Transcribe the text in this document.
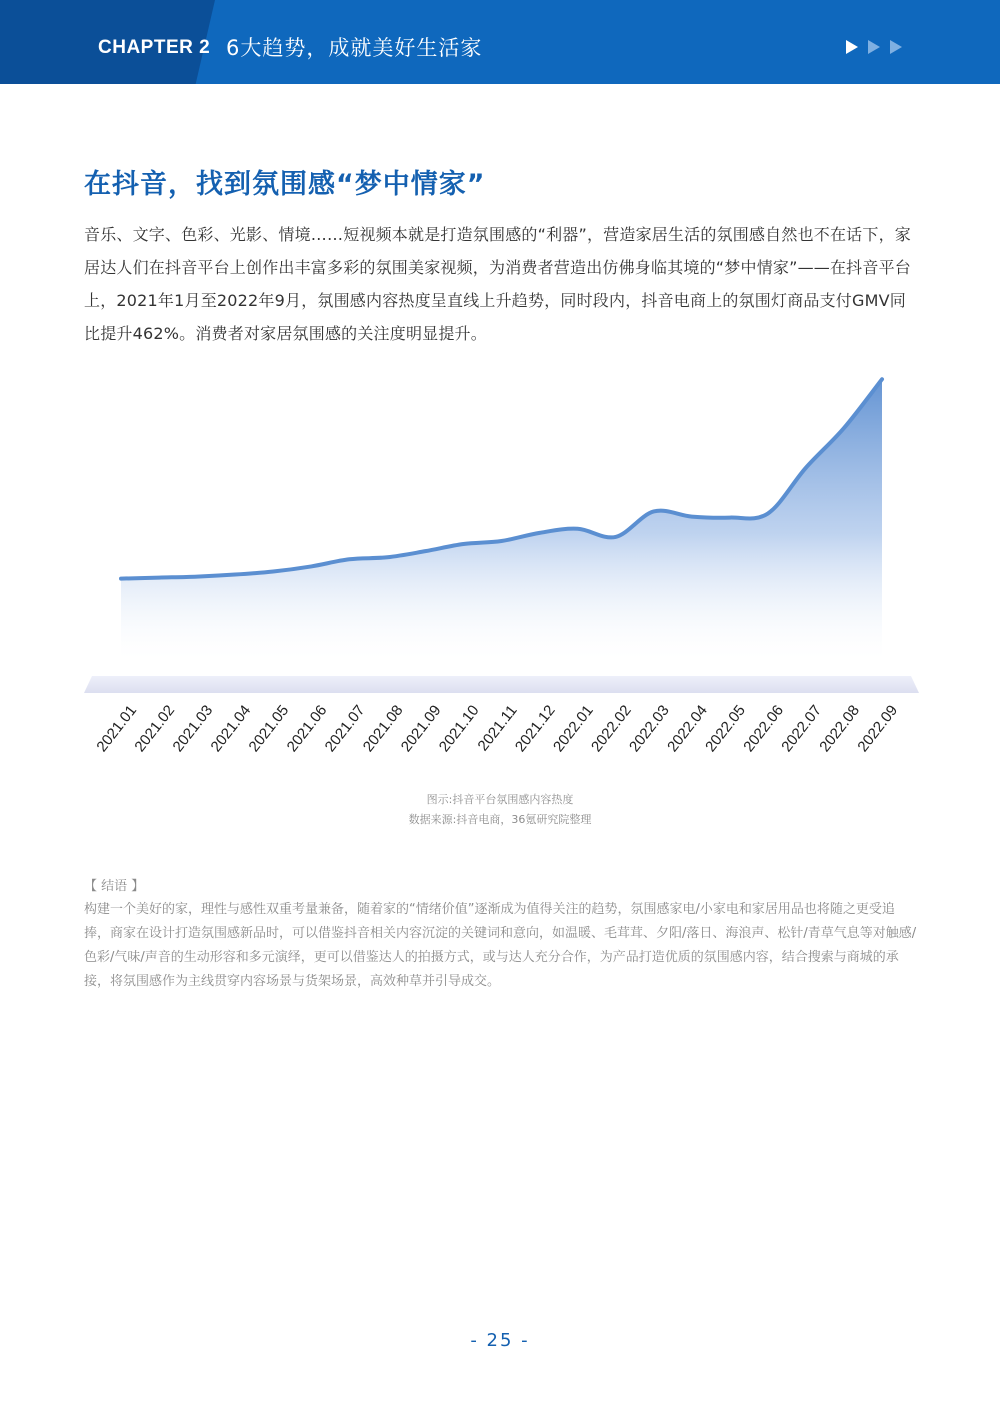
CHAPTER 2 6大趋势，成就美好生活家
在抖音，找到氛围感“梦中情家”

音乐、文字、色彩、光影、情境……短视频本就是打造氛围感的“利器”，营造家居生活的氛围感自然也不在话下，家居达人们在抖音平台上创作出丰富多彩的氛围美家视频，为消费者营造出仿佛身临其境的“梦中情家”——在抖音平台上，2021年1月至2022年9月，氛围感内容热度呈直线上升趋势，同时段内，抖音电商上的氛围灯商品支付GMV同比提升462%。消费者对家居氛围感的关注度明显提升。

2021.01
2021.02
2021.03
2021.04
2021.05
2021.06
2021.07
2021.08
2021.09
2021.10
2021.11
2021.12
2022.01
2022.02
2022.03
2022.04
2022.05
2022.06
2022.07
2022.08
2022.09
图示:抖音平台氛围感内容热度
数据来源:抖音电商，36氪研究院整理
【 结语 】

构建一个美好的家，理性与感性双重考量兼备，随着家的“情绪价值”逐渐成为值得关注的趋势，氛围感家电/小家电和家居用品也将随之更受追捧，商家在设计打造氛围感新品时，可以借鉴抖音相关内容沉淀的关键词和意向，如温暖、毛茸茸、夕阳/落日、海浪声、松针/青草气息等对触感/色彩/气味/声音的生动形容和多元演绎，更可以借鉴达人的拍摄方式，或与达人充分合作，为产品打造优质的氛围感内容，结合搜索与商城的承接，将氛围感作为主线贯穿内容场景与货架场景，高效种草并引导成交。

- 25 -
